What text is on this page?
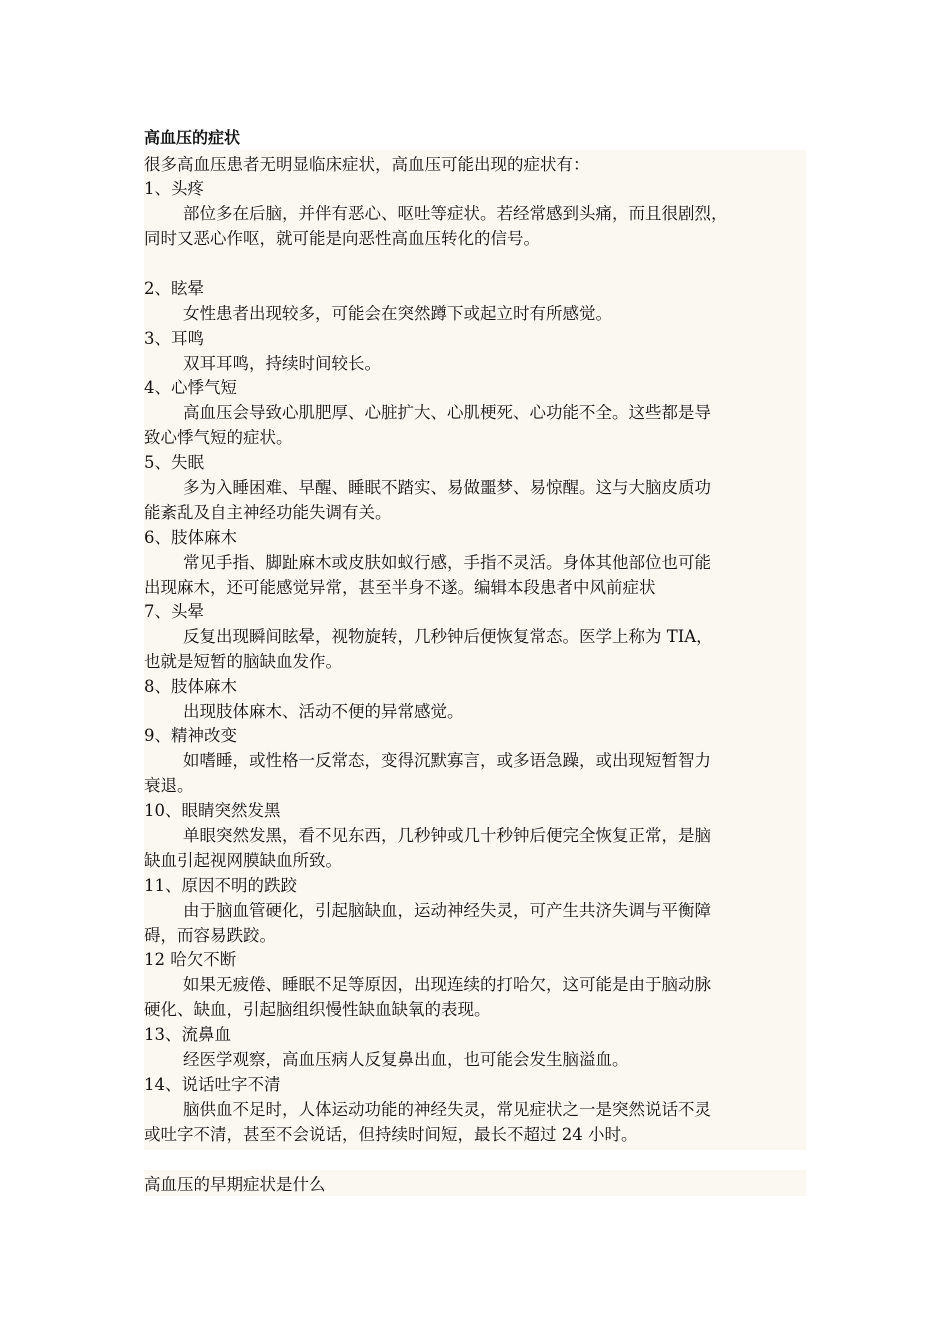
高血压的症状
很多高血压患者无明显临床症状，高血压可能出现的症状有：
1、头疼
部位多在后脑，并伴有恶心、呕吐等症状。若经常感到头痛，而且很剧烈，
同时又恶心作呕，就可能是向恶性高血压转化的信号。
2、眩晕
女性患者出现较多，可能会在突然蹲下或起立时有所感觉。
3、耳鸣
双耳耳鸣，持续时间较长。
4、心悸气短
高血压会导致心肌肥厚、心脏扩大、心肌梗死、心功能不全。这些都是导
致心悸气短的症状。
5、失眠
多为入睡困难、早醒、睡眠不踏实、易做噩梦、易惊醒。这与大脑皮质功
能紊乱及自主神经功能失调有关。
6、肢体麻木
常见手指、脚趾麻木或皮肤如蚁行感，手指不灵活。身体其他部位也可能
出现麻木，还可能感觉异常，甚至半身不遂。编辑本段患者中风前症状
7、头晕
反复出现瞬间眩晕，视物旋转，几秒钟后便恢复常态。医学上称为 TIA，
也就是短暂的脑缺血发作。
8、肢体麻木
出现肢体麻木、活动不便的异常感觉。
9、精神改变
如嗜睡，或性格一反常态，变得沉默寡言，或多语急躁，或出现短暂智力
衰退。
10、眼睛突然发黑
单眼突然发黑，看不见东西，几秒钟或几十秒钟后便完全恢复正常，是脑
缺血引起视网膜缺血所致。
11、原因不明的跌跤
由于脑血管硬化，引起脑缺血，运动神经失灵，可产生共济失调与平衡障
碍，而容易跌跤。
12 哈欠不断
如果无疲倦、睡眠不足等原因，出现连续的打哈欠，这可能是由于脑动脉
硬化、缺血，引起脑组织慢性缺血缺氧的表现。
13、流鼻血
经医学观察，高血压病人反复鼻出血，也可能会发生脑溢血。
14、说话吐字不清
脑供血不足时，人体运动功能的神经失灵，常见症状之一是突然说话不灵
或吐字不清，甚至不会说话，但持续时间短，最长不超过 24 小时。
高血压的早期症状是什么
